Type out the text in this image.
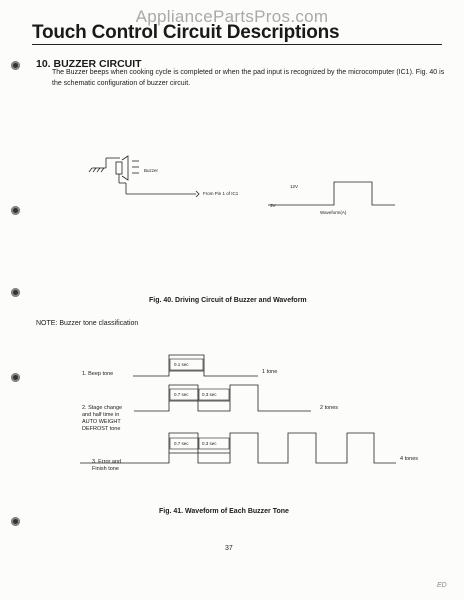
AppliancePartsPros.com
Touch Control Circuit Descriptions
10. BUZZER CIRCUIT
The Buzzer beeps when cooking cycle is completed or when the pad input is recognized by the microcomputer (IC1). Fig. 40 is the schematic configuration of buzzer circuit.
Buzzer
From Pin 1 of IC1
12V
3V
Waveform(A)
Fig. 40. Driving Circuit of Buzzer and Waveform
NOTE: Buzzer tone classification
1. Beep tone
0.1 sec
1 tone
2. Stage change
and half time in
AUTO WEIGHT
DEFROST tone
0.7 sec	0.3 sec
2 tones
3. Error and
Finish tone
0.7 sec	0.3 sec
4 tones
Fig. 41. Waveform of Each Buzzer Tone
37
ED
